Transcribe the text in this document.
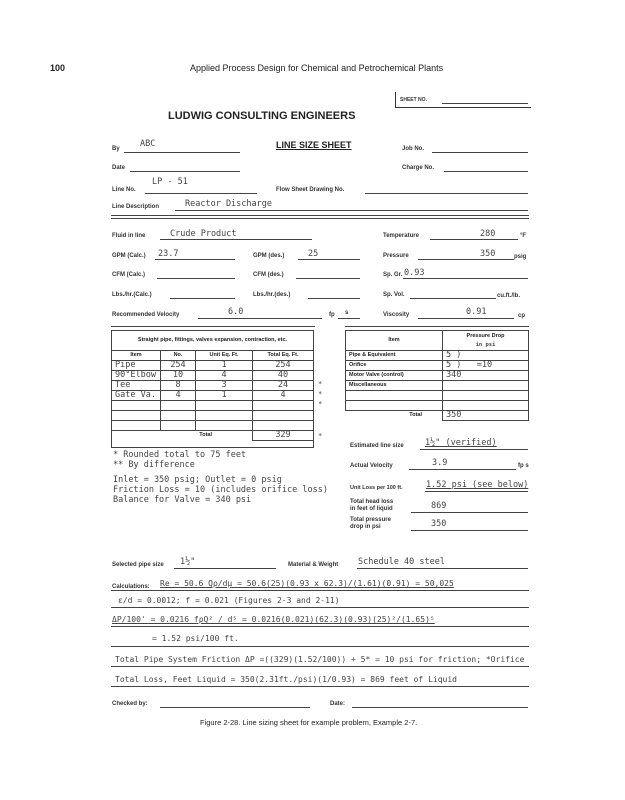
100	Applied Process Design for Chemical and Petrochemical Plants
SHEET NO.
LUDWIG CONSULTING ENGINEERS
LINE SIZE SHEET
By ABC	Job No.
Date	Charge No.
Line No.
LP - 51
Flow Sheet Drawing No.
Line Description	Reactor Discharge
Fluid in line	Crude Product	Temperature	280	°F
GPM (Calc.) 23.7	GPM (des.)	25	Pressure	350	psig
CFM (Calc.)	CFM (des.)	Sp. Gr. 0.93
Lbs./hr.(Calc.)	Lbs./hr.(des.)	Sp. Vol.	cu.ft./lb.
Recommended Velocity	6.0	fp s	Viscosity	0.91	cp
Straight pipe, fittings, valves expansion, contraction, etc.			
Item	No.	Unit Eq. Ft.	Total Eq. Ft.
Pipe	254	1	254
90°Elbow	10	4	40
Tee	8	3	24
Gate Va.	4	1	4

Total			329

*
*
*
*
Item	Pressure Drop
in psi
Pipe & Equivalent	5 )
Orifice	5 )   =10
Motor Valve (control)	340
Miscellaneous	

Total	350
* Rounded total to 75 feet
** By difference
Inlet = 350 psig; Outlet = 0 psig
Friction Loss = 10 (includes orifice loss)
Balance for Valve = 340 psi
Estimated line size	1½" (verified)
Actual Velocity	3.9	fp s
Unit Loss per 100 ft.	1.52 psi (see below)
Total head loss
in feet of liquid	869
Total pressure
drop in psi	350
Selected pipe size 1½"	Material & Weight Schedule 40 steel
Calculations: Re = 50.6 Qρ/dμ = 50.6(25)(0.93 x 62.3)/(1.61)(0.91) = 50,025
ε/d = 0.0012; f = 0.021 (Figures 2-3 and 2-11)
ΔP/100' = 0.0216 fρQ² / d⁵ = 0.0216(0.021)(62.3)(0.93)(25)²/(1.65)⁵
= 1.52 psi/100 ft.
Total Pipe System Friction ΔP =((329)(1.52/100)) + 5* = 10 psi for friction; *Orifice
Total Loss, Feet Liquid = 350(2.31ft./psi)(1/0.93) = 869 feet of Liquid
Checked by:	Date:
Figure 2-28. Line sizing sheet for example problem, Example 2-7.
